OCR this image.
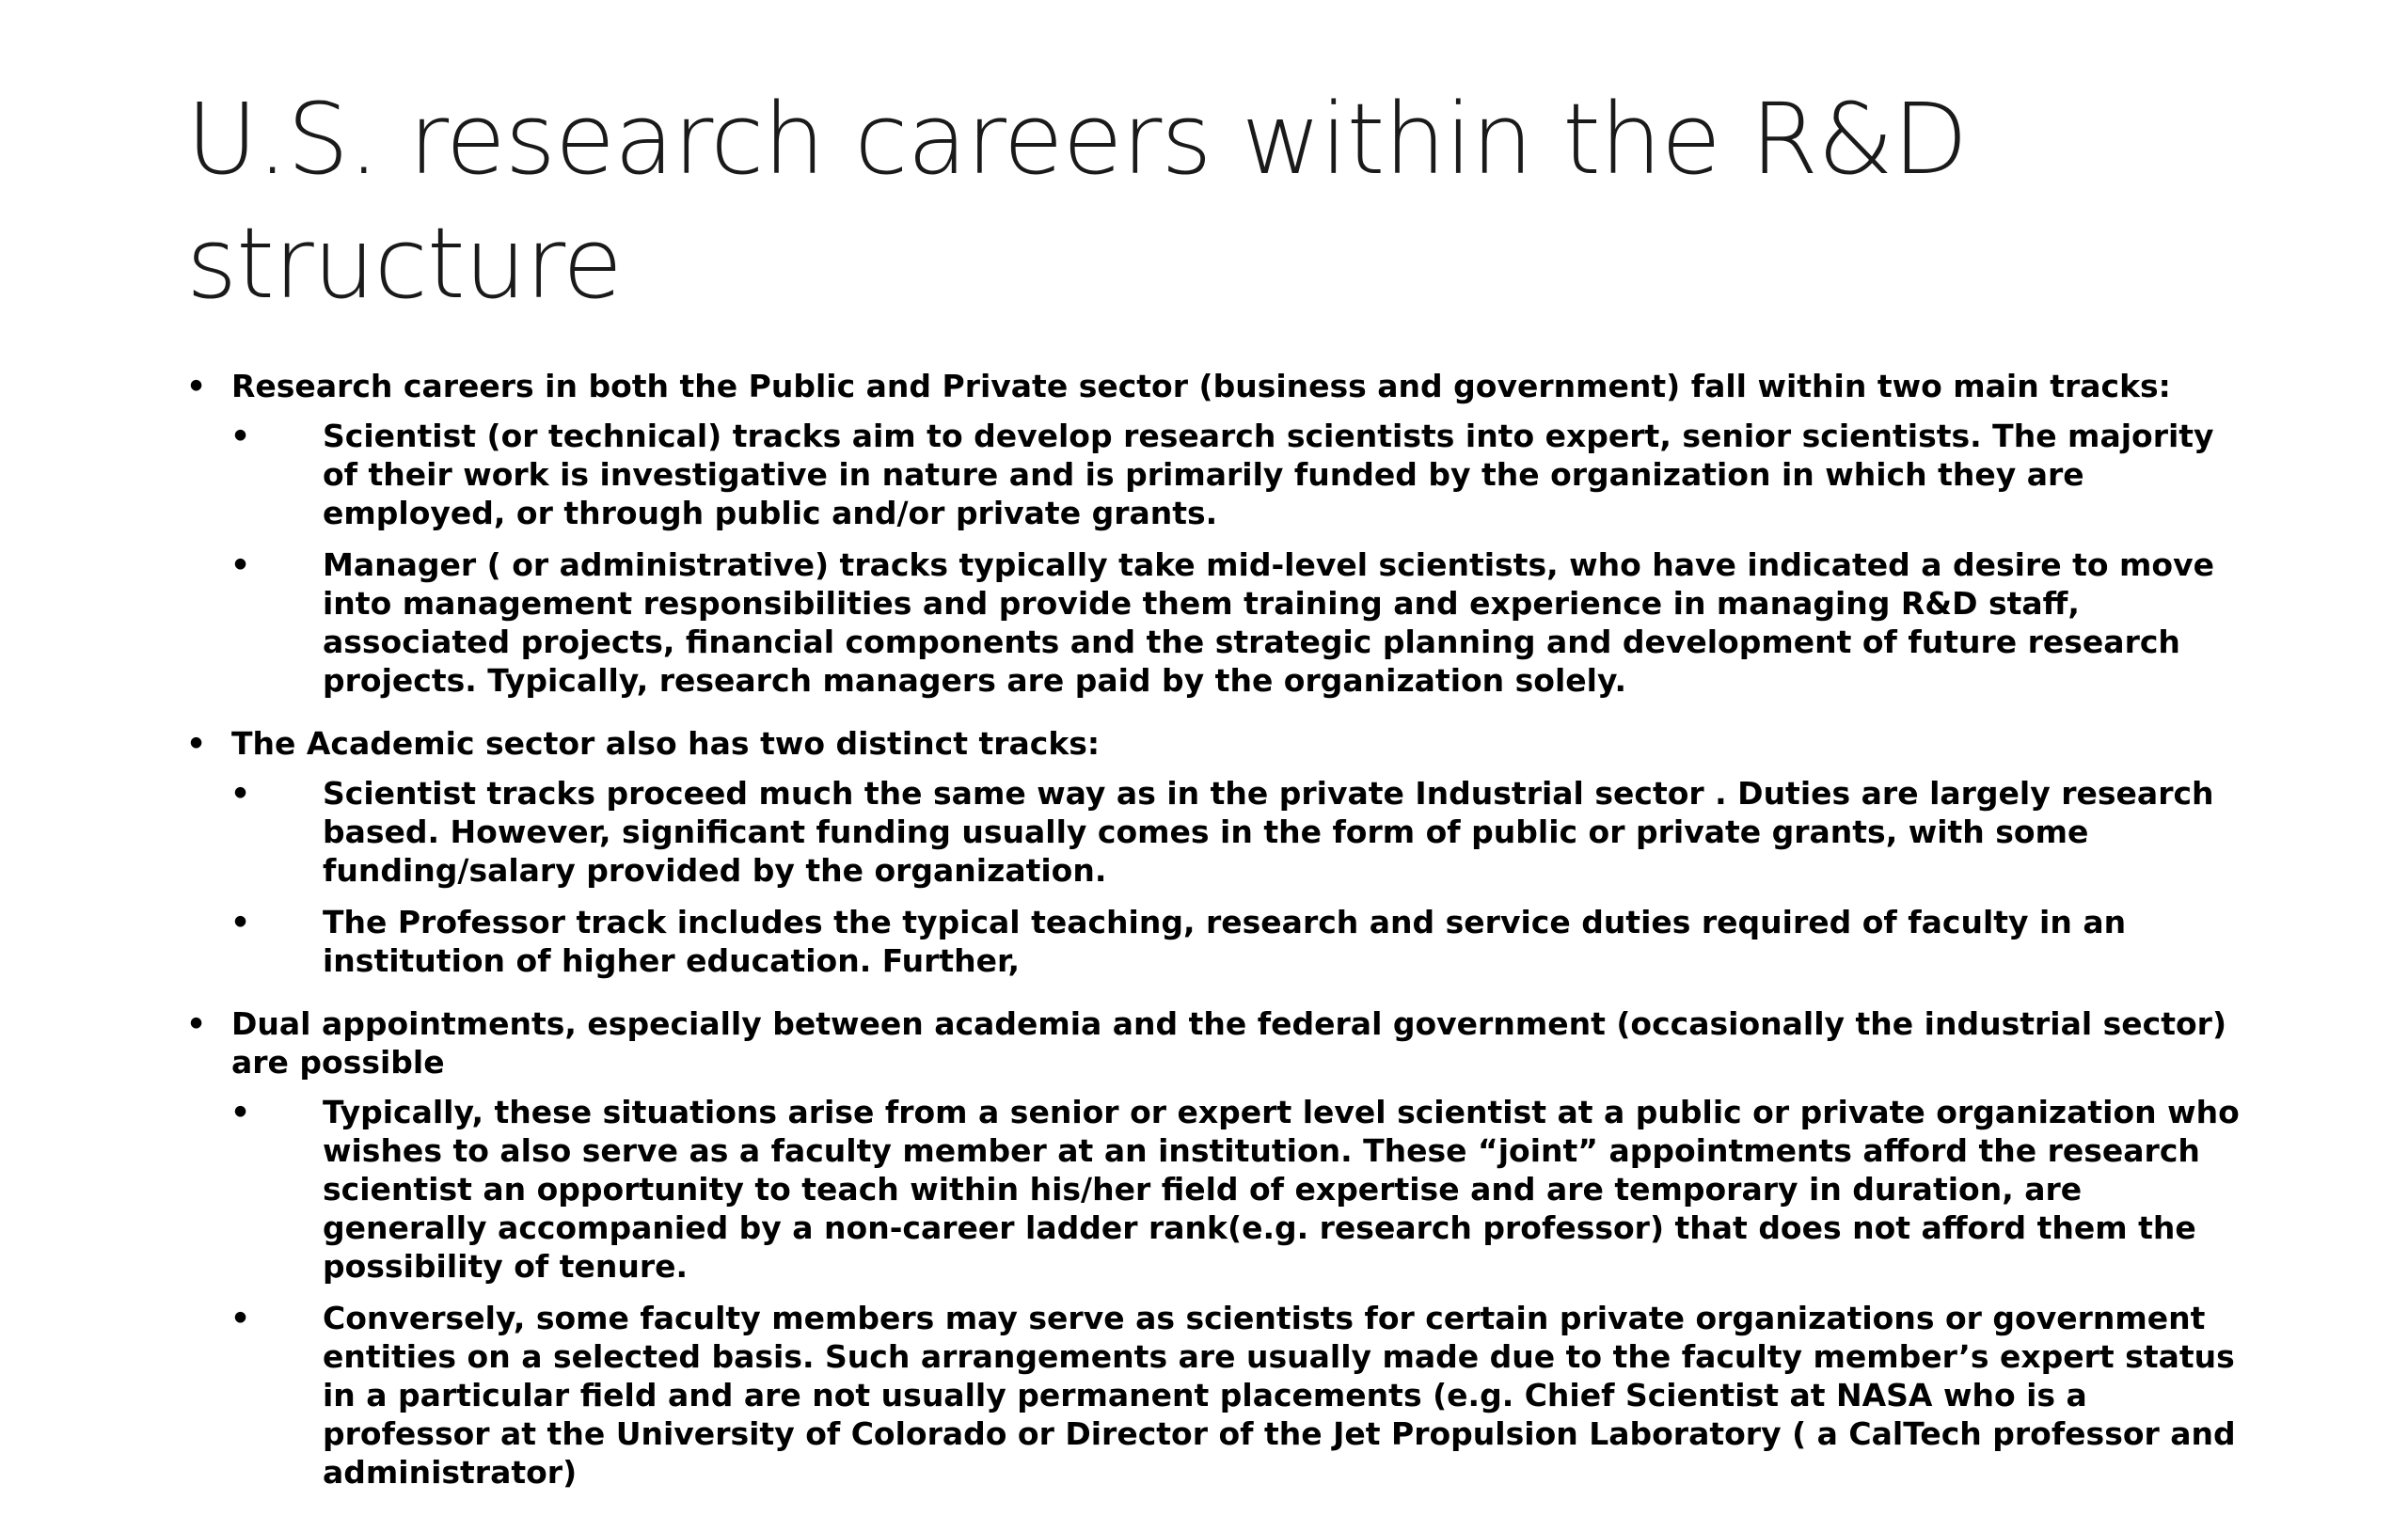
U.S. research careers within the R&D structure
• Research careers in both the Public and Private sector (business and government) fall within two main tracks:
•	Scientist (or technical) tracks aim to develop research scientists into expert, senior scientists. The majority of their work is investigative in nature and is primarily funded by the organization in which they are employed, or through public and/or private grants.
•	Manager ( or administrative) tracks typically take mid-level scientists, who have indicated a desire to move into management responsibilities and provide them training and experience in managing R&D staff, associated projects, financial components and the strategic planning and development of future research projects. Typically, research managers are paid by the organization solely.
• The Academic sector also has two distinct tracks:
•	Scientist tracks proceed much the same way as in the private Industrial sector . Duties are largely research based. However, significant funding usually comes in the form of public or private grants, with some funding/salary provided by the organization.
•	The Professor track includes the typical teaching, research and service duties required of faculty in an institution of higher education. Further,
• Dual appointments, especially between academia and the federal government (occasionally the industrial sector) are possible
•	Typically, these situations arise from a senior or expert level scientist at a public or private organization who wishes to also serve as a faculty member at an institution. These “joint” appointments afford the research scientist an opportunity to teach within his/her field of expertise and are temporary in duration, are generally accompanied by a non-career ladder rank(e.g. research professor) that does not afford them the possibility of tenure.
•	Conversely, some faculty members may serve as scientists for certain private organizations or government entities on a selected basis. Such arrangements are usually made due to the faculty member’s expert status in a particular field and are not usually permanent placements (e.g. Chief Scientist at NASA who is a professor at the University of Colorado or Director of the Jet Propulsion Laboratory ( a CalTech professor and administrator)
